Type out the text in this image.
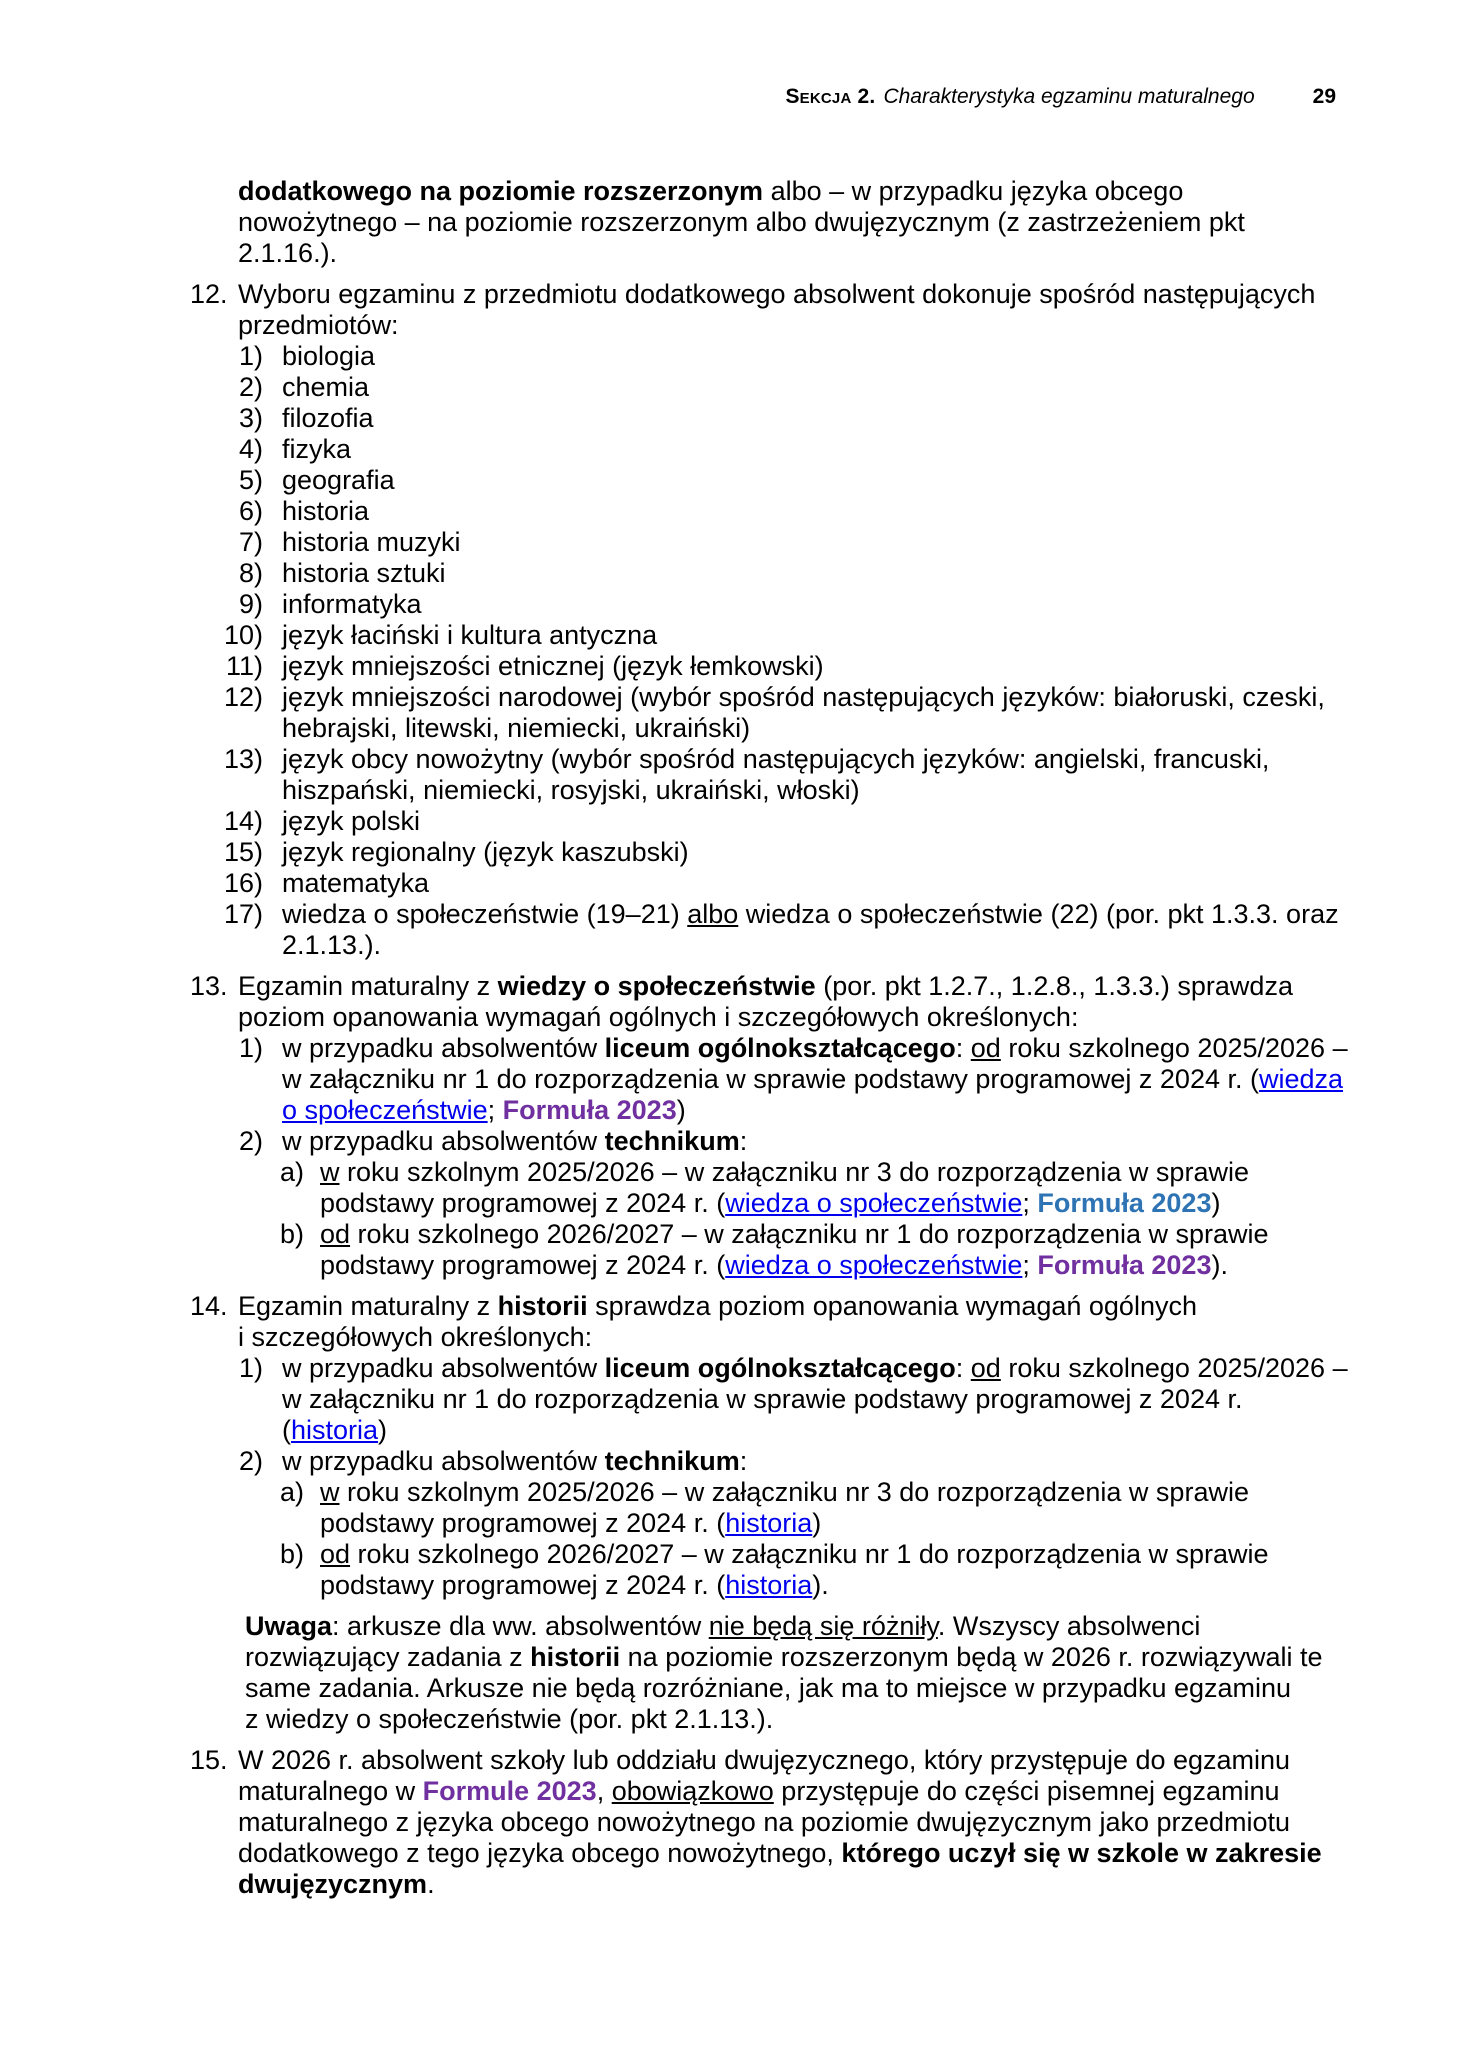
Sekcja 2. Charakterystyka egzaminu maturalnego	29
dodatkowego na poziomie rozszerzonym albo – w przypadku języka obcego
nowożytnego – na poziomie rozszerzonym albo dwujęzycznym (z zastrzeżeniem pkt
2.1.16.).
12. Wyboru egzaminu z przedmiotu dodatkowego absolwent dokonuje spośród następujących
przedmiotów:
1) biologia
2) chemia
3) filozofia
4) fizyka
5) geografia
6) historia
7) historia muzyki
8) historia sztuki
9) informatyka
10) język łaciński i kultura antyczna
11) język mniejszości etnicznej (język łemkowski)
12) język mniejszości narodowej (wybór spośród następujących języków: białoruski, czeski,
hebrajski, litewski, niemiecki, ukraiński)
13) język obcy nowożytny (wybór spośród następujących języków: angielski, francuski,
hiszpański, niemiecki, rosyjski, ukraiński, włoski)
14) język polski
15) język regionalny (język kaszubski)
16) matematyka
17) wiedza o społeczeństwie (19–21) albo wiedza o społeczeństwie (22) (por. pkt 1.3.3. oraz
2.1.13.).
13. Egzamin maturalny z wiedzy o społeczeństwie (por. pkt 1.2.7., 1.2.8., 1.3.3.) sprawdza
poziom opanowania wymagań ogólnych i szczegółowych określonych:
1) w przypadku absolwentów liceum ogólnokształcącego: od roku szkolnego 2025/2026 –
w załączniku nr 1 do rozporządzenia w sprawie podstawy programowej z 2024 r. (wiedza
o społeczeństwie; Formuła 2023)
2) w przypadku absolwentów technikum:
a) w roku szkolnym 2025/2026 – w załączniku nr 3 do rozporządzenia w sprawie
podstawy programowej z 2024 r. (wiedza o społeczeństwie; Formuła 2023)
b) od roku szkolnego 2026/2027 – w załączniku nr 1 do rozporządzenia w sprawie
podstawy programowej z 2024 r. (wiedza o społeczeństwie; Formuła 2023).
14. Egzamin maturalny z historii sprawdza poziom opanowania wymagań ogólnych
i szczegółowych określonych:
1) w przypadku absolwentów liceum ogólnokształcącego: od roku szkolnego 2025/2026 –
w załączniku nr 1 do rozporządzenia w sprawie podstawy programowej z 2024 r.
(historia)
2) w przypadku absolwentów technikum:
a) w roku szkolnym 2025/2026 – w załączniku nr 3 do rozporządzenia w sprawie
podstawy programowej z 2024 r. (historia)
b) od roku szkolnego 2026/2027 – w załączniku nr 1 do rozporządzenia w sprawie
podstawy programowej z 2024 r. (historia).
Uwaga: arkusze dla ww. absolwentów nie będą się różniły. Wszyscy absolwenci
rozwiązujący zadania z historii na poziomie rozszerzonym będą w 2026 r. rozwiązywali te
same zadania. Arkusze nie będą rozróżniane, jak ma to miejsce w przypadku egzaminu
z wiedzy o społeczeństwie (por. pkt 2.1.13.).
15. W 2026 r. absolwent szkoły lub oddziału dwujęzycznego, który przystępuje do egzaminu
maturalnego w Formule 2023, obowiązkowo przystępuje do części pisemnej egzaminu
maturalnego z języka obcego nowożytnego na poziomie dwujęzycznym jako przedmiotu
dodatkowego z tego języka obcego nowożytnego, którego uczył się w szkole w zakresie
dwujęzycznym.
